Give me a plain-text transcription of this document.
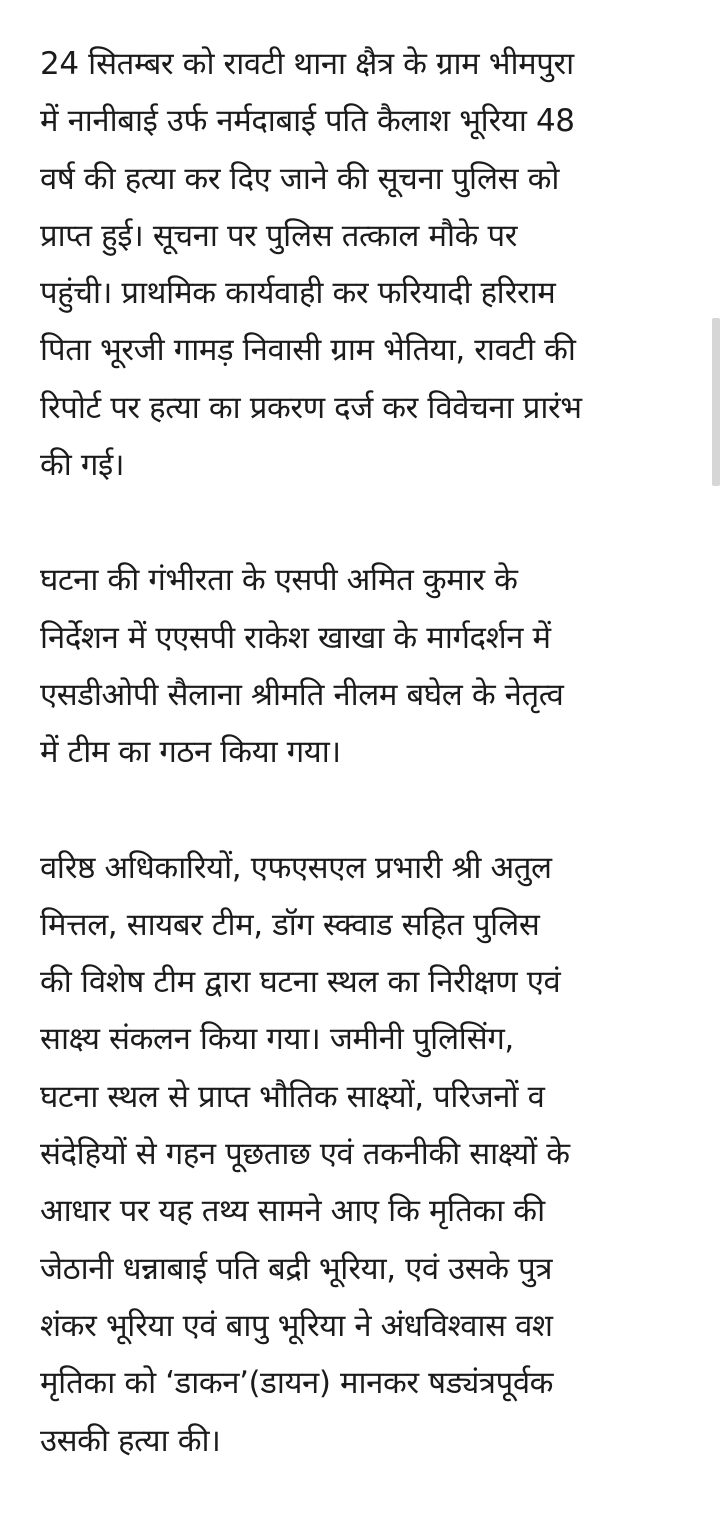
24 सितम्बर को रावटी थाना क्षैत्र के ग्राम भीमपुरा
में नानीबाई उर्फ नर्मदाबाई पति कैलाश भूरिया 48
वर्ष की हत्या कर दिए जाने की सूचना पुलिस को
प्राप्त हुई। सूचना पर पुलिस तत्काल मौके पर
पहुंची। प्राथमिक कार्यवाही कर फरियादी हरिराम
पिता भूरजी गामड़ निवासी ग्राम भेतिया, रावटी की
रिपोर्ट पर हत्या का प्रकरण दर्ज कर विवेचना प्रारंभ
की गई।

घटना की गंभीरता के एसपी अमित कुमार के
निर्देशन में एएसपी राकेश खाखा के मार्गदर्शन में
एसडीओपी सैलाना श्रीमति नीलम बघेल के नेतृत्व
में टीम का गठन किया गया।

वरिष्ठ अधिकारियों, एफएसएल प्रभारी श्री अतुल
मित्तल, सायबर टीम, डॉग स्क्वाड सहित पुलिस
की विशेष टीम द्वारा घटना स्थल का निरीक्षण एवं
साक्ष्य संकलन किया गया। जमीनी पुलिसिंग,
घटना स्थल से प्राप्त भौतिक साक्ष्यों, परिजनों व
संदेहियों से गहन पूछताछ एवं तकनीकी साक्ष्यों के
आधार पर यह तथ्य सामने आए कि मृतिका की
जेठानी धन्नाबाई पति बद्री भूरिया, एवं उसके पुत्र
शंकर भूरिया एवं बापु भूरिया ने अंधविश्वास वश
मृतिका को ‘डाकन’(डायन) मानकर षड्यंत्रपूर्वक
उसकी हत्या की।
